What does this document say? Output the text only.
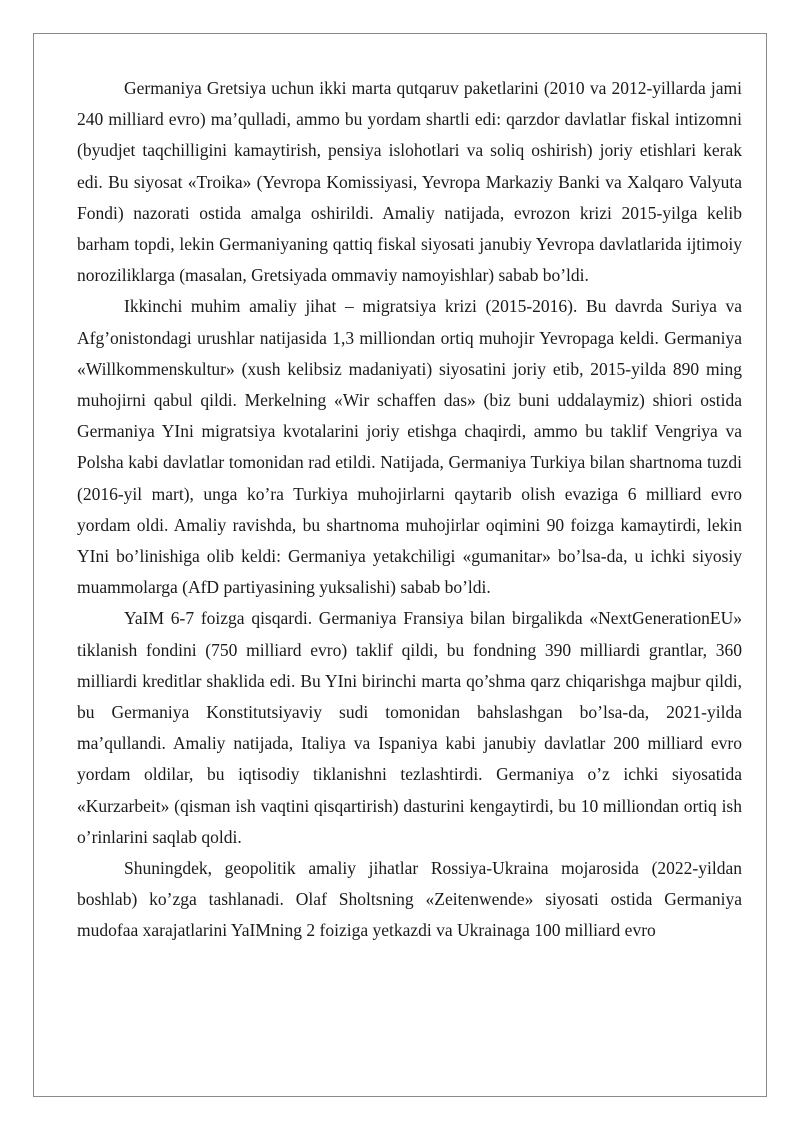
Germaniya Gretsiya uchun ikki marta qutqaruv paketlarini (2010 va 2012-yillarda jami 240 milliard evro) ma’qulladi, ammo bu yordam shartli edi: qarzdor davlatlar fiskal intizomni (byudjet taqchilligini kamaytirish, pensiya islohotlari va soliq oshirish) joriy etishlari kerak edi. Bu siyosat «Troika» (Yevropa Komissiyasi, Yevropa Markaziy Banki va Xalqaro Valyuta Fondi) nazorati ostida amalga oshirildi. Amaliy natijada, evrozon krizi 2015-yilga kelib barham topdi, lekin Germaniyaning qattiq fiskal siyosati janubiy Yevropa davlatlarida ijtimoiy noroziliklarga (masalan, Gretsiyada ommaviy namoyishlar) sabab bo’ldi.

Ikkinchi muhim amaliy jihat – migratsiya krizi (2015-2016). Bu davrda Suriya va Afg’onistondagi urushlar natijasida 1,3 milliondan ortiq muhojir Yevropaga keldi. Germaniya «Willkommenskultur» (xush kelibsiz madaniyati) siyosatini joriy etib, 2015-yilda 890 ming muhojirni qabul qildi. Merkelning «Wir schaffen das» (biz buni uddalaymiz) shiori ostida Germaniya YIni migratsiya kvotalarini joriy etishga chaqirdi, ammo bu taklif Vengriya va Polsha kabi davlatlar tomonidan rad etildi. Natijada, Germaniya Turkiya bilan shartnoma tuzdi (2016-yil mart), unga ko’ra Turkiya muhojirlarni qaytarib olish evaziga 6 milliard evro yordam oldi. Amaliy ravishda, bu shartnoma muhojirlar oqimini 90 foizga kamaytirdi, lekin YIni bo’linishiga olib keldi: Germaniya yetakchiligi «gumanitar» bo’lsa-da, u ichki siyosiy muammolarga (AfD partiyasining yuksalishi) sabab bo’ldi.

YaIM 6-7 foizga qisqardi. Germaniya Fransiya bilan birgalikda «NextGenerationEU» tiklanish fondini (750 milliard evro) taklif qildi, bu fondning 390 milliardi grantlar, 360 milliardi kreditlar shaklida edi. Bu YIni birinchi marta qo’shma qarz chiqarishga majbur qildi, bu Germaniya Konstitutsiyaviy sudi tomonidan bahslashgan bo’lsa-da, 2021-yilda ma’qullandi. Amaliy natijada, Italiya va Ispaniya kabi janubiy davlatlar 200 milliard evro yordam oldilar, bu iqtisodiy tiklanishni tezlashtirdi. Germaniya o’z ichki siyosatida «Kurzarbeit» (qisman ish vaqtini qisqartirish) dasturini kengaytirdi, bu 10 milliondan ortiq ish o’rinlarini saqlab qoldi.

Shuningdek, geopolitik amaliy jihatlar Rossiya-Ukraina mojarosida (2022-yildan boshlab) ko’zga tashlanadi. Olaf Sholtsning «Zeitenwende» siyosati ostida Germaniya mudofaa xarajatlarini YaIMning 2 foiziga yetkazdi va Ukrainaga 100 milliard evro
